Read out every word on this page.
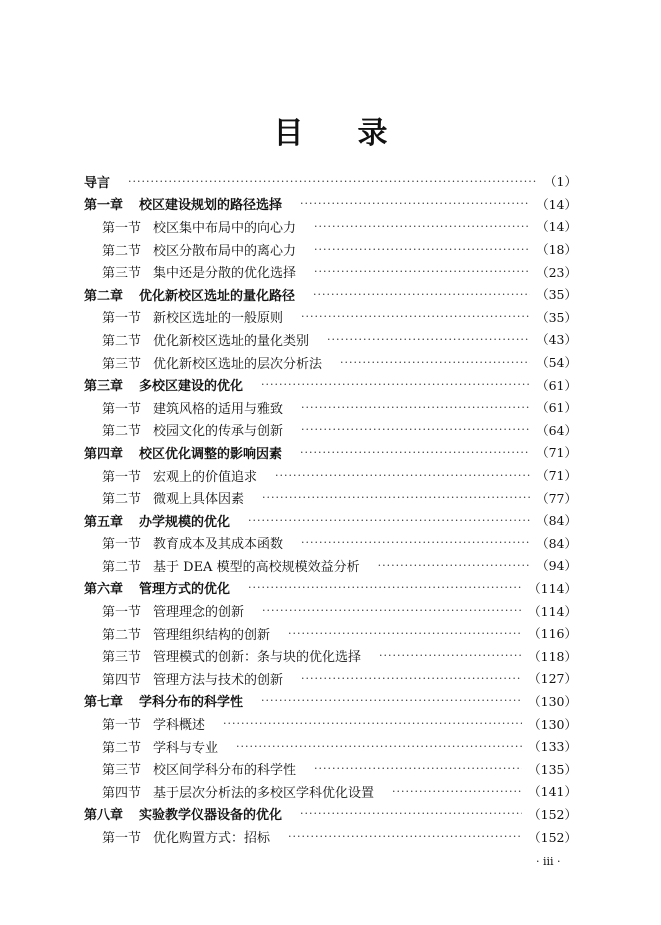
目 录
导言 ·····	（1）
第一章 校区建设规划的路径选择 ·····	（14）
第一节 校区集中布局中的向心力 ·····	（14）
第二节 校区分散布局中的离心力 ·····	（18）
第三节 集中还是分散的优化选择 ·····	（23）
第二章 优化新校区选址的量化路径 ·····	（35）
第一节 新校区选址的一般原则 ·····	（35）
第二节 优化新校区选址的量化类别 ·····	（43）
第三节 优化新校区选址的层次分析法 ·····	（54）
第三章 多校区建设的优化 ·····	（61）
第一节 建筑风格的适用与雅致 ·····	（61）
第二节 校园文化的传承与创新 ·····	（64）
第四章 校区优化调整的影响因素 ·····	（71）
第一节 宏观上的价值追求 ·····	（71）
第二节 微观上具体因素 ·····	（77）
第五章 办学规模的优化 ·····	（84）
第一节 教育成本及其成本函数 ·····	（84）
第二节 基于 DEA 模型的高校规模效益分析 ·····	（94）
第六章 管理方式的优化 ·····	（114）
第一节 管理理念的创新 ·····	（114）
第二节 管理组织结构的创新 ·····	（116）
第三节 管理模式的创新：条与块的优化选择 ·····	（118）
第四节 管理方法与技术的创新 ·····	（127）
第七章 学科分布的科学性 ·····	（130）
第一节 学科概述 ·····	（130）
第二节 学科与专业 ·····	（133）
第三节 校区间学科分布的科学性 ·····	（135）
第四节 基于层次分析法的多校区学科优化设置 ·····	（141）
第八章 实验教学仪器设备的优化 ·····	（152）
第一节 优化购置方式：招标 ·····	（152）
· iii ·
